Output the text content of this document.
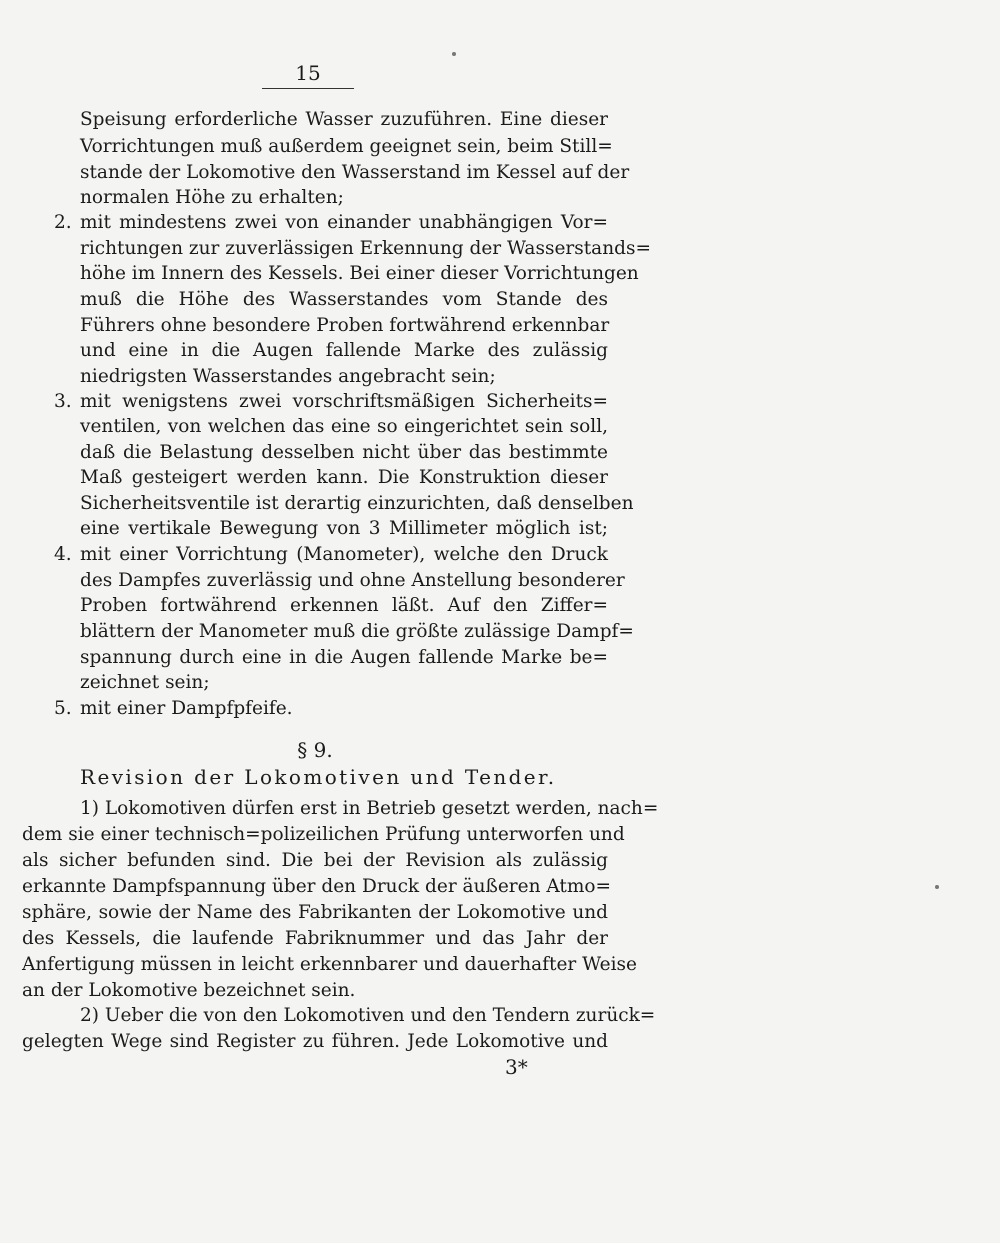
15
Speisung erforderliche Wasser zuzuführen. Eine dieser
Vorrichtungen muß außerdem geeignet sein, beim Still=
stande der Lokomotive den Wasserstand im Kessel auf der
normalen Höhe zu erhalten;
2. mit mindestens zwei von einander unabhängigen Vor=
richtungen zur zuverlässigen Erkennung der Wasserstands=
höhe im Innern des Kessels. Bei einer dieser Vorrichtungen
muß die Höhe des Wasserstandes vom Stande des
Führers ohne besondere Proben fortwährend erkennbar
und eine in die Augen fallende Marke des zulässig
niedrigsten Wasserstandes angebracht sein;
3. mit wenigstens zwei vorschriftsmäßigen Sicherheits=
ventilen, von welchen das eine so eingerichtet sein soll,
daß die Belastung desselben nicht über das bestimmte
Maß gesteigert werden kann. Die Konstruktion dieser
Sicherheitsventile ist derartig einzurichten, daß denselben
eine vertikale Bewegung von 3 Millimeter möglich ist;
4. mit einer Vorrichtung (Manometer), welche den Druck
des Dampfes zuverlässig und ohne Anstellung besonderer
Proben fortwährend erkennen läßt. Auf den Ziffer=
blättern der Manometer muß die größte zulässige Dampf=
spannung durch eine in die Augen fallende Marke be=
zeichnet sein;
5. mit einer Dampfpfeife.
§ 9.
Revision der Lokomotiven und Tender.
1) Lokomotiven dürfen erst in Betrieb gesetzt werden, nach=
dem sie einer technisch=polizeilichen Prüfung unterworfen und
als sicher befunden sind. Die bei der Revision als zulässig
erkannte Dampfspannung über den Druck der äußeren Atmo=
sphäre, sowie der Name des Fabrikanten der Lokomotive und
des Kessels, die laufende Fabriknummer und das Jahr der
Anfertigung müssen in leicht erkennbarer und dauerhafter Weise
an der Lokomotive bezeichnet sein.
2) Ueber die von den Lokomotiven und den Tendern zurück=
gelegten Wege sind Register zu führen. Jede Lokomotive und
3*
